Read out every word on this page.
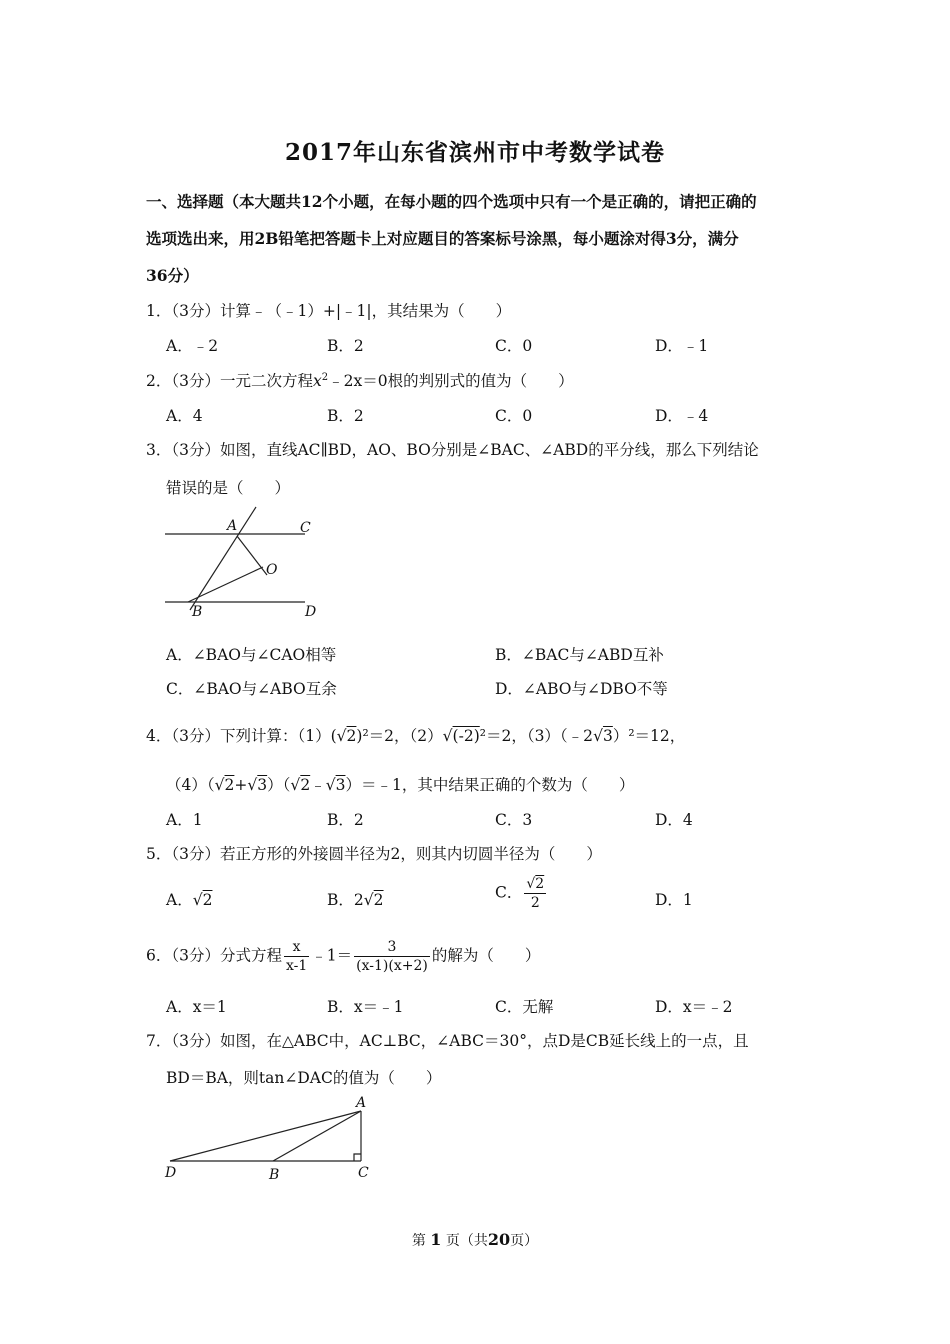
2017年山东省滨州市中考数学试卷
一、选择题（本大题共12个小题，在每小题的四个选项中只有一个是正确的，请把正确的
选项选出来，用2B铅笔把答题卡上对应题目的答案标号涂黑，每小题涂对得3分，满分
36分）
1．（3分）计算﹣（﹣1）+|﹣1|，其结果为（　　）
A．﹣2	B．2	C．0	D．﹣1
2．（3分）一元二次方程$x^2﹣2x=0$根的判别式的值为（　　）
A．4	B．2	C．0	D．﹣4
3．（3分）如图，直线AC∥BD，AO、BO分别是∠BAC、∠ABD的平分线，那么下列结论
错误的是（　　）
A	C
O
B	D
A．∠BAO与∠CAO相等	B．∠BAC与∠ABD互补
C．∠BAO与∠ABO互余	D．∠ABO与∠DBO不等
4．（3分）下列计算：（1）(√2)²＝2，（2）√(-2)²＝2，（3）（﹣2√3）²＝12，
（4）（√2+√3）（√2﹣√3）＝﹣1，其中结果正确的个数为（　　）
A．1	B．2	C．3	D．4
5．（3分）若正方形的外接圆半径为2，则其内切圆半径为（　　）
A．√2	B．2√2	C． $\frac{√2}{2}$	D．1
6．（3分）分式方程 $\frac{x}{x-1}$ ﹣1＝ $\frac{3}{(x-1)(x+2)}$ 的解为（　　）
A．x＝1	B．x＝﹣1	C．无解	D．x＝﹣2
7．（3分）如图，在△ABC中，AC⊥BC，∠ABC＝30°，点D是CB延长线上的一点，且
BD＝BA，则tan∠DAC的值为（　　）
A
D	B	C
第 1 页（共20页）
